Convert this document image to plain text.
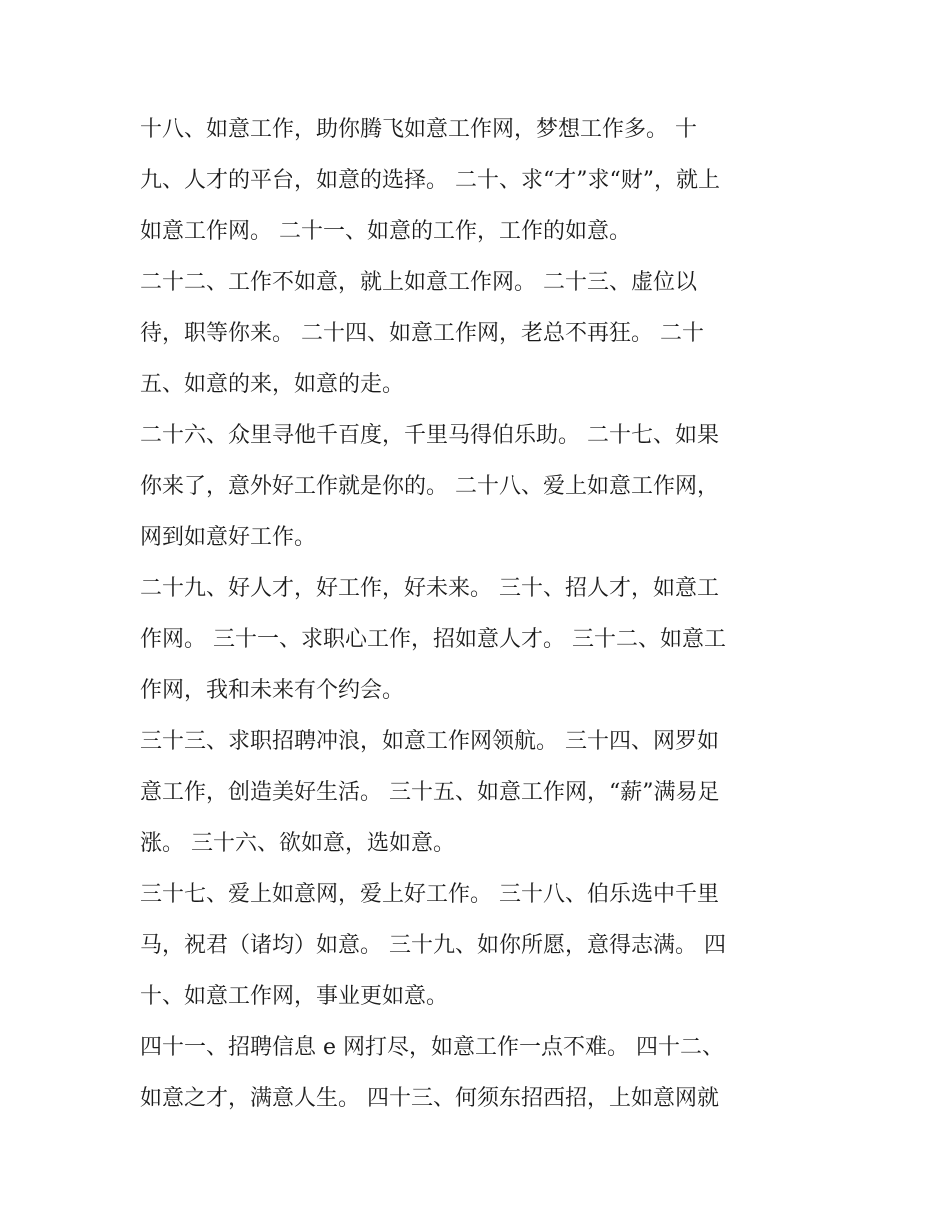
十八、如意工作，助你腾飞如意工作网，梦想工作多。 十
九、人才的平台，如意的选择。 二十、求“才”求“财”，就上
如意工作网。 二十一、如意的工作，工作的如意。
二十二、工作不如意，就上如意工作网。 二十三、虚位以
待，职等你来。 二十四、如意工作网，老总不再狂。 二十
五、如意的来，如意的走。
二十六、众里寻他千百度，千里马得伯乐助。 二十七、如果
你来了，意外好工作就是你的。 二十八、爱上如意工作网，
网到如意好工作。
二十九、好人才，好工作，好未来。 三十、招人才，如意工
作网。 三十一、求职心工作，招如意人才。 三十二、如意工
作网，我和未来有个约会。
三十三、求职招聘冲浪，如意工作网领航。 三十四、网罗如
意工作，创造美好生活。 三十五、如意工作网，“薪”满易足
涨。 三十六、欲如意，选如意。
三十七、爱上如意网，爱上好工作。 三十八、伯乐选中千里
马，祝君（诸均）如意。 三十九、如你所愿，意得志满。 四
十、如意工作网，事业更如意。
四十一、招聘信息 e 网打尽，如意工作一点不难。 四十二、
如意之才，满意人生。 四十三、何须东招西招，上如意网就
